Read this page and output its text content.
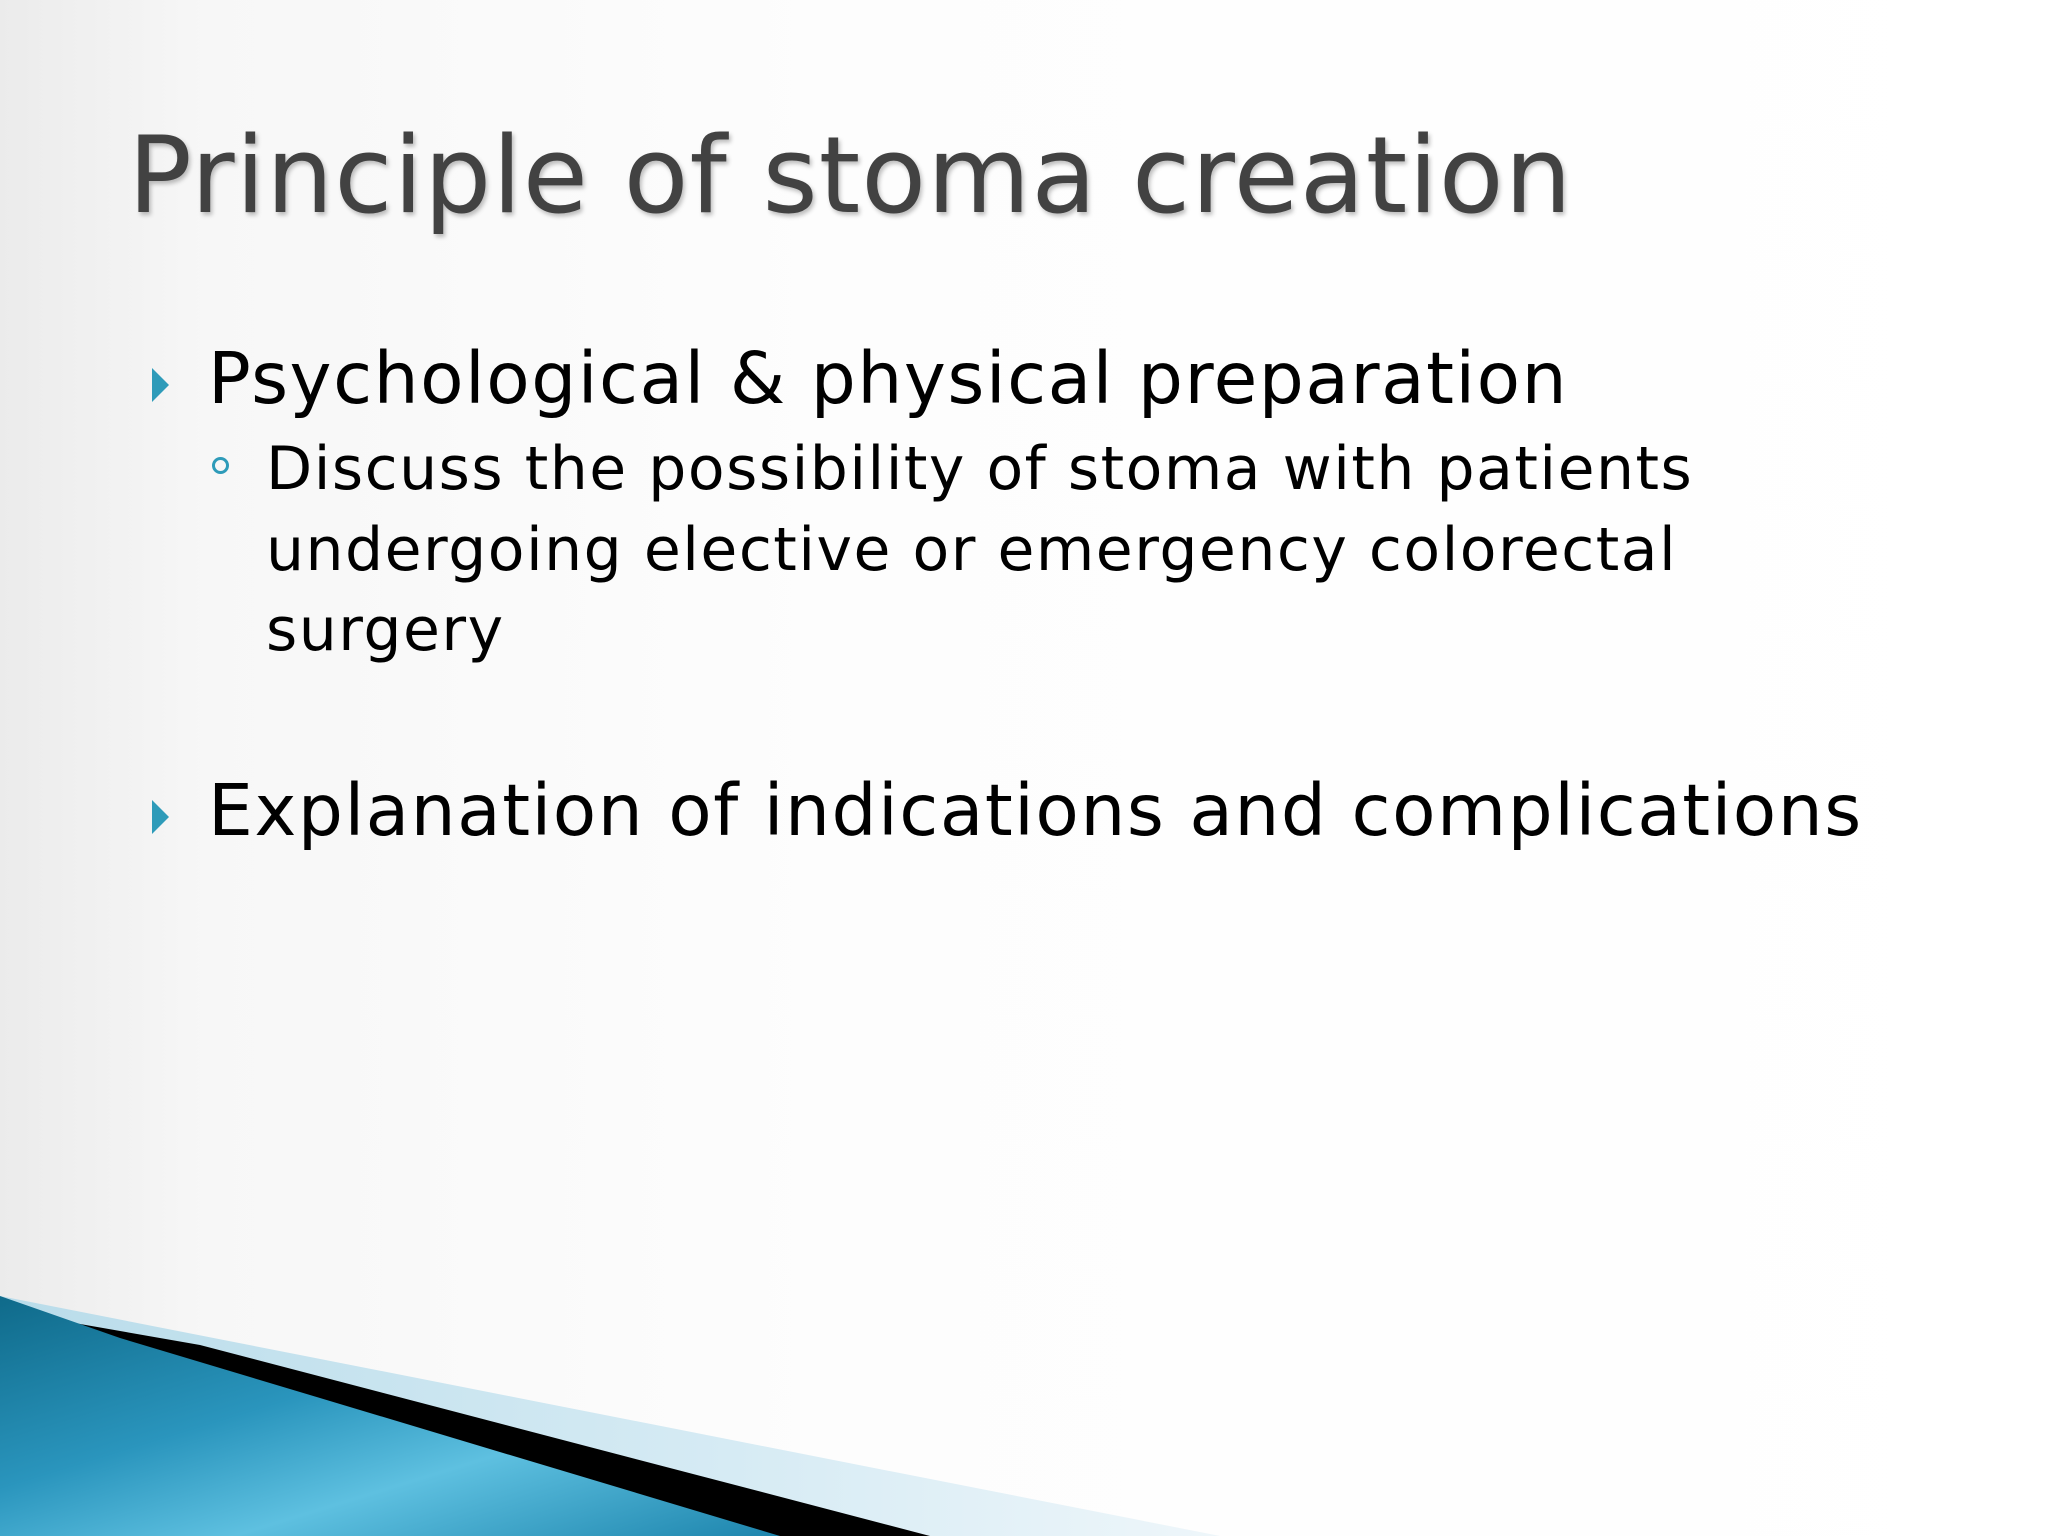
Principle of stoma creation
Psychological & physical preparation
Discuss the possibility of stoma with patients undergoing elective or emergency colorectal surgery
Explanation of indications and complications
